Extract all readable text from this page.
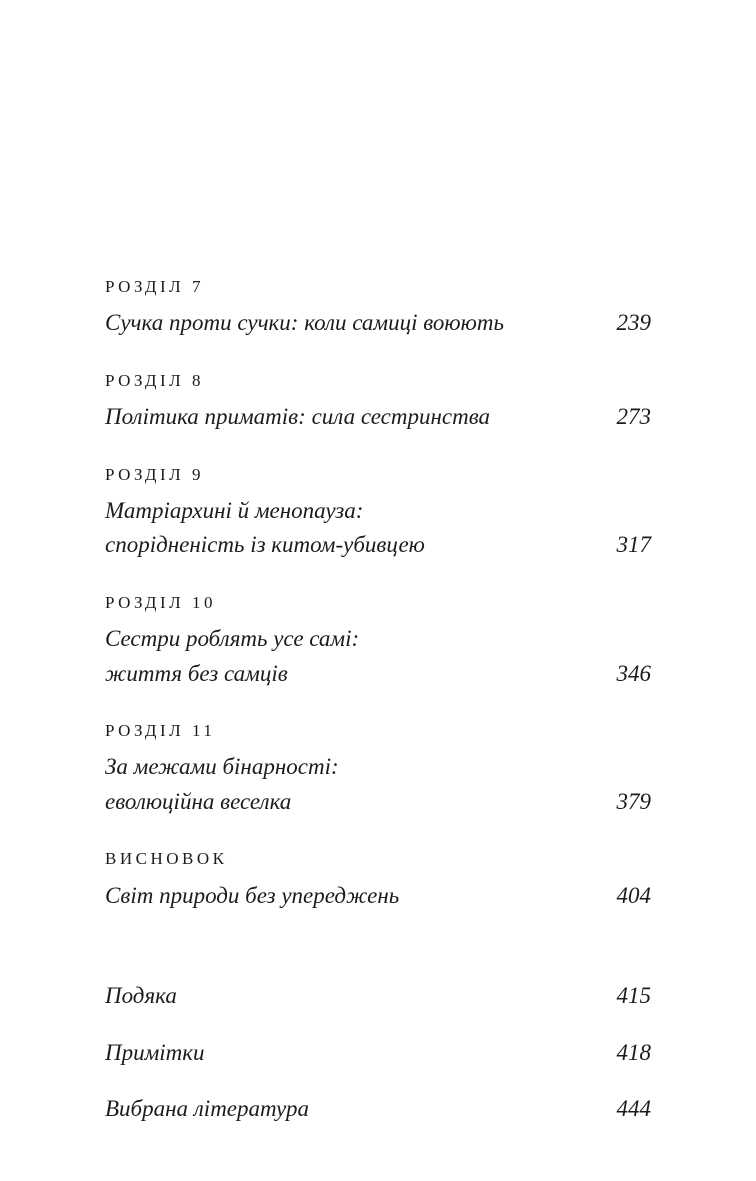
РОЗДІЛ 7
Сучка проти сучки: коли самиці воюють	239
РОЗДІЛ 8
Політика приматів: сила сестринства	273
РОЗДІЛ 9
Матріархині й менопауза:
спорідненість із китом-убивцею	317
РОЗДІЛ 10
Сестри роблять усе самі:
життя без самців	346
РОЗДІЛ 11
За межами бінарності:
еволюційна веселка	379
ВИСНОВОК
Світ природи без упереджень	404
Подяка	415
Примітки	418
Вибрана література	444
